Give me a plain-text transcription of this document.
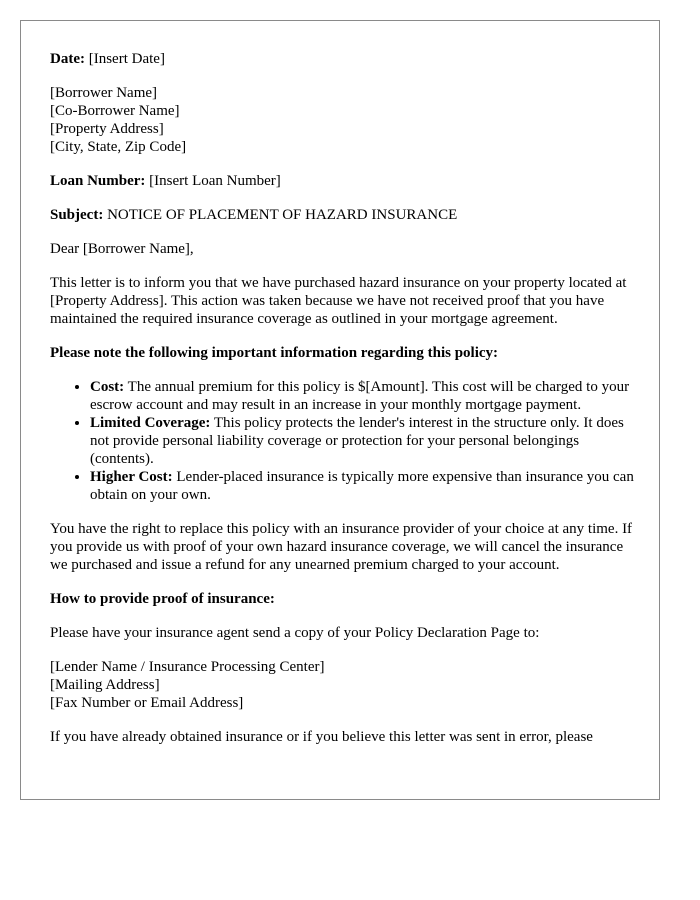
Date: [Insert Date]

[Borrower Name]
[Co-Borrower Name]
[Property Address]
[City, State, Zip Code]

Loan Number: [Insert Loan Number]

Subject: NOTICE OF PLACEMENT OF HAZARD INSURANCE

Dear [Borrower Name],

This letter is to inform you that we have purchased hazard insurance on your property located at [Property Address]. This action was taken because we have not received proof that you have maintained the required insurance coverage as outlined in your mortgage agreement.

Please note the following important information regarding this policy:

• Cost: The annual premium for this policy is $[Amount]. This cost will be charged to your escrow account and may result in an increase in your monthly mortgage payment.
• Limited Coverage: This policy protects the lender's interest in the structure only. It does not provide personal liability coverage or protection for your personal belongings (contents).
• Higher Cost: Lender-placed insurance is typically more expensive than insurance you can obtain on your own.

You have the right to replace this policy with an insurance provider of your choice at any time. If you provide us with proof of your own hazard insurance coverage, we will cancel the insurance we purchased and issue a refund for any unearned premium charged to your account.

How to provide proof of insurance:

Please have your insurance agent send a copy of your Policy Declaration Page to:

[Lender Name / Insurance Processing Center]
[Mailing Address]
[Fax Number or Email Address]

If you have already obtained insurance or if you believe this letter was sent in error, please
